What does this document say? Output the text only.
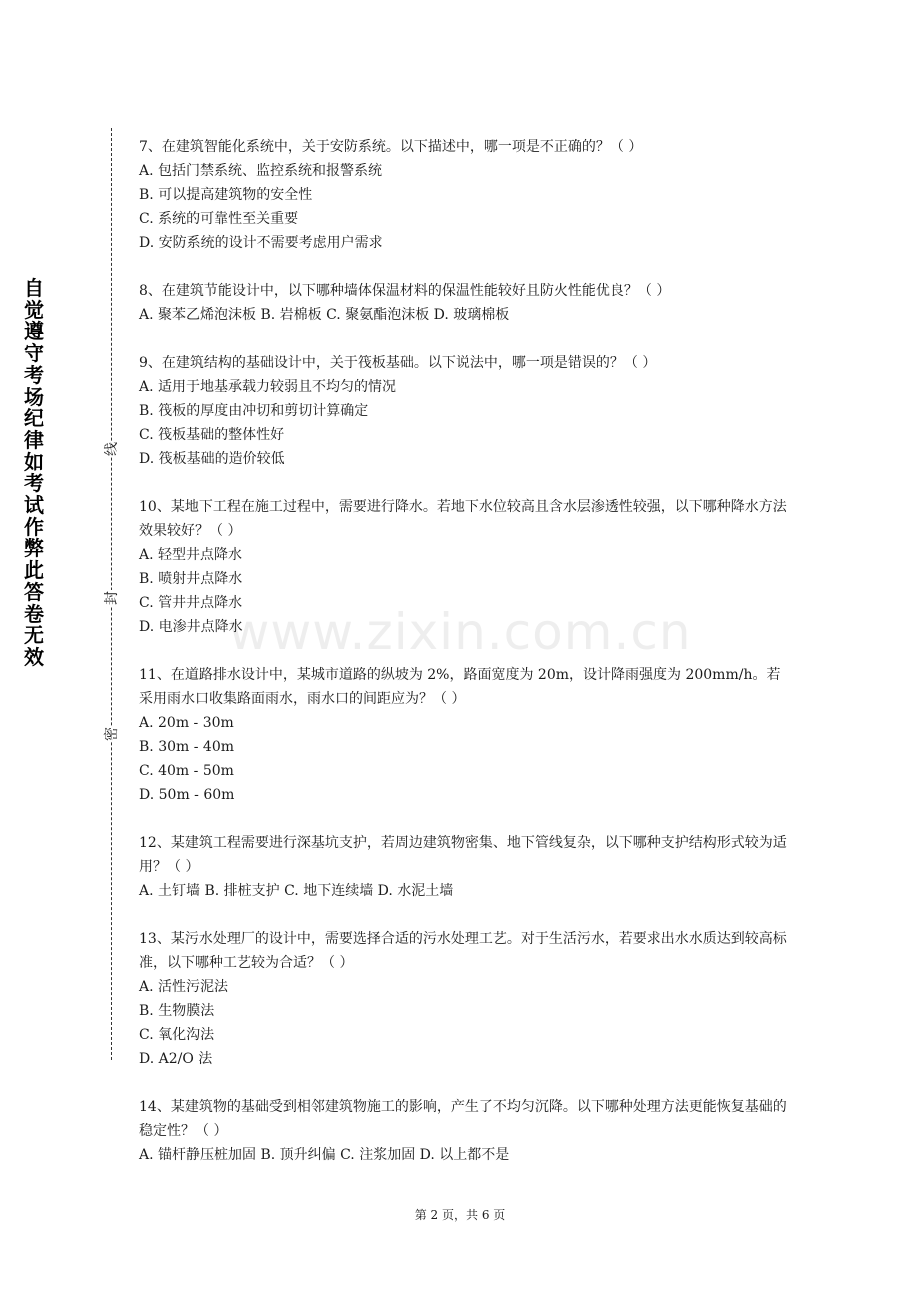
自觉遵守考场纪律如考试作弊此答卷无效
线
封
密
www.zixin.com.cn

7、在建筑智能化系统中，关于安防系统。以下描述中，哪一项是不正确的？（ ）

A. 包括门禁系统、监控系统和报警系统

B. 可以提高建筑物的安全性

C. 系统的可靠性至关重要

D. 安防系统的设计不需要考虑用户需求

8、在建筑节能设计中，以下哪种墙体保温材料的保温性能较好且防火性能优良？（ ）

A. 聚苯乙烯泡沫板 B. 岩棉板 C. 聚氨酯泡沫板 D. 玻璃棉板

9、在建筑结构的基础设计中，关于筏板基础。以下说法中，哪一项是错误的？（ ）

A. 适用于地基承载力较弱且不均匀的情况

B. 筏板的厚度由冲切和剪切计算确定

C. 筏板基础的整体性好

D. 筏板基础的造价较低

10、某地下工程在施工过程中，需要进行降水。若地下水位较高且含水层渗透性较强，以下哪种降水方法效果较好？（ ）

A. 轻型井点降水

B. 喷射井点降水

C. 管井井点降水

D. 电渗井点降水

11、在道路排水设计中，某城市道路的纵坡为 2%，路面宽度为 20m，设计降雨强度为 200mm/h。若采用雨水口收集路面雨水，雨水口的间距应为？（ ）

A. 20m - 30m

B. 30m - 40m

C. 40m - 50m

D. 50m - 60m

12、某建筑工程需要进行深基坑支护，若周边建筑物密集、地下管线复杂，以下哪种支护结构形式较为适用？（ ）

A. 土钉墙 B. 排桩支护 C. 地下连续墙 D. 水泥土墙

13、某污水处理厂的设计中，需要选择合适的污水处理工艺。对于生活污水，若要求出水水质达到较高标准，以下哪种工艺较为合适？（ ）

A. 活性污泥法

B. 生物膜法

C. 氧化沟法

D. A2/O 法

14、某建筑物的基础受到相邻建筑物施工的影响，产生了不均匀沉降。以下哪种处理方法更能恢复基础的稳定性？（ ）

A. 锚杆静压桩加固 B. 顶升纠偏 C. 注浆加固 D. 以上都不是

第 2 页，共 6 页
